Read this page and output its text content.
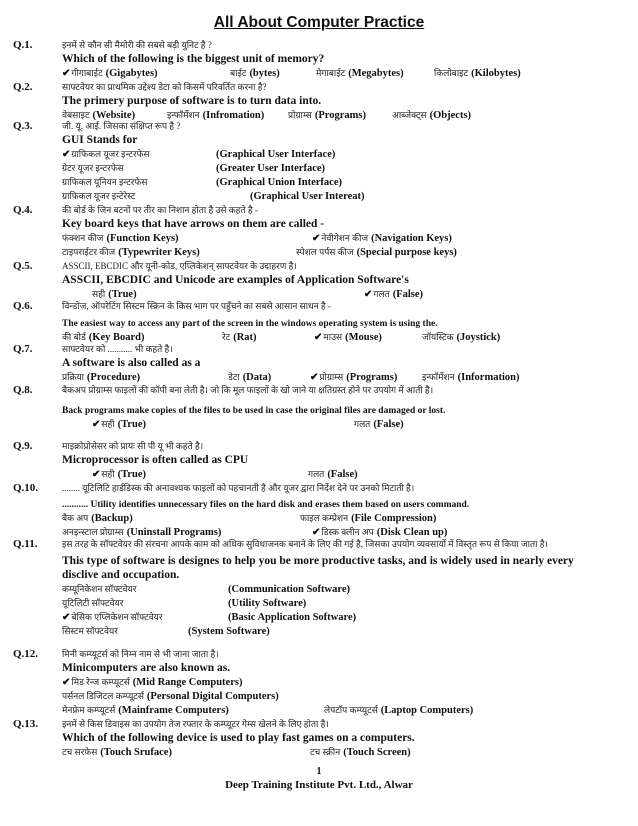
All About Computer Practice
Q.1.	इनमें से कौन सी मैमोरी की सबसे बड़ी युनिट है ?
Which of the following is the biggest unit of memory?
✔गीगाबाईट (Gigabytes)	बाईट (bytes)	मेगाबाईट (Megabytes)	किलोबाइट (Kilobytes)
Q.2.	साफ्टवेयर का प्राथमिक उद्देश्य डेटा को किसमें परिवर्तित करना है?
The primery purpose of software is to turn data into.
वेबसाइट (Website)	इन्फॉर्मेशन (Infromation)	प्रोग्राम्स (Programs)	आब्जेक्ट्स (Objects)
Q.3.	जी. यू. आई. जिसका संक्षिप्त रूप है ?
GUI Stands for
✔ग्राफिकल यूजर इन्टरफेस	(Graphical User Interface)
ग्रेटर यूजर इन्टरफेस	(Greater User Interface)
ग्राफिकल यूनियन इन्टरफेस	(Graphical Union Interface)
ग्राफिकल यूजर इन्टेरेस्ट	(Graphical User Intereat)
Q.4.	की बोर्ड के जिन बटनों पर तीर का निशान होता है उसे कहते है -
Key board keys that have arrows on them are called -
फंक्शन कीज (Function Keys)	✔नेवीगेशन कीज (Navigation Keys)
टाइपराईटर कीज (Typewriter Keys)	स्पेशल पर्पस कीज (Special purpose keys)
Q.5.	ASSCII, EBCDIC और यूनी-कोड, एप्लिकेशन् साफ्टवेयर के उदाहरण है।
ASSCII, EBCDIC and Unicode are examples of Application Software's
सही (True)	✔गलत (False)
Q.6.	विन्डोज, ऑपरेटिंग सिस्टम स्क्रिन के किस भाग पर पहुँचने का सबसे आसान साधन है -
The easiest way to access any part of the screen in the windows operating system is using the.
की बोर्ड (Key Board)	रेट (Rat)	✔माउस (Mouse)	जॉयस्टिक (Joystick)
Q.7.	साफ्टवेयर को ........... भी कहते है।
A software is also called as a
प्रक्रिया (Procedure)	डेटा (Data)	✔प्रोग्राम्स (Programs)	इन्फॉर्मेशन (Information)
Q.8.	बैकअप प्रोग्राम्स फाइलों की कॉपी बना लेती है। जो कि मूल फाइलों के खो जाने या क्षतिग्रस्त होने पर उपयोग में आती है।
Back programs make copies of the files to be used in case the original files are damaged or lost.
✔सही (True)	गलत (False)
Q.9.	माइक्रोप्रोसेसर को प्रायः सी पी यू भी कहते है।
Microprocessor is often called as CPU
✔सही (True)	गलत (False)
Q.10.	........ यूटिलिटि हार्डडिस्क की अनावश्यक फाइलों को पहचानती है और यूजर द्वारा निर्देश देने पर उनको मिटाती है।
........... Utility identifies unnecessary files on the hard disk and erases them based on users command.
बैक अप (Backup)	फाइल कम्प्रेशन (File Compression)
अनइन्स्टाल प्रोग्राम्स (Uninstall Programs)	✔डिस्क क्लीन अप (Disk Clean up)
Q.11.	इस तरह के सॉफ्टवेयर की संरचना आपके काम को अधिक सुविधाजनक बनाने के लिए की गई है, जिसका उपयोग व्यवसायों में विस्तृत रूप से किया जाता है।
This type of software is designes to help you be more productive tasks, and is widely used in nearly every disclive and occupation.
कम्यूनिकेशन सॉफ्टवेयर	(Communication Software)
यूटिलिटी सॉफ्टवेयर	(Utility Software)
✔बेसिक एप्लिकेशन सॉफ्टवेयर	(Basic Application Software)
सिस्टम सॉफ्टवेयर	(System Software)
Q.12.	मिनी कम्प्यूटर्स को निम्न नाम से भी जाना जाता है।
Minicomputers are also known as.
✔मिड रेन्ज कम्प्यूटर्स (Mid Range Computers)
पर्सनल डिजिटल कम्प्यूटर्स (Personal Digital Computers)
मेनफ्रेम कम्प्यूटर्स (Mainframe Computers)	लेपटॉप कम्प्यूटर्स (Laptop Computers)
Q.13.	इनमें से किस डिवाइस का उपयोग तेज रफ्तार के कम्प्यूटर गेम्स खेलने के लिए होता है।
Which of the following device is used to play fast games on a computers.
टच सरफेस (Touch Sruface)	टच स्क्रीन (Touch Screen)
1
Deep Training Institute Pvt. Ltd., Alwar
